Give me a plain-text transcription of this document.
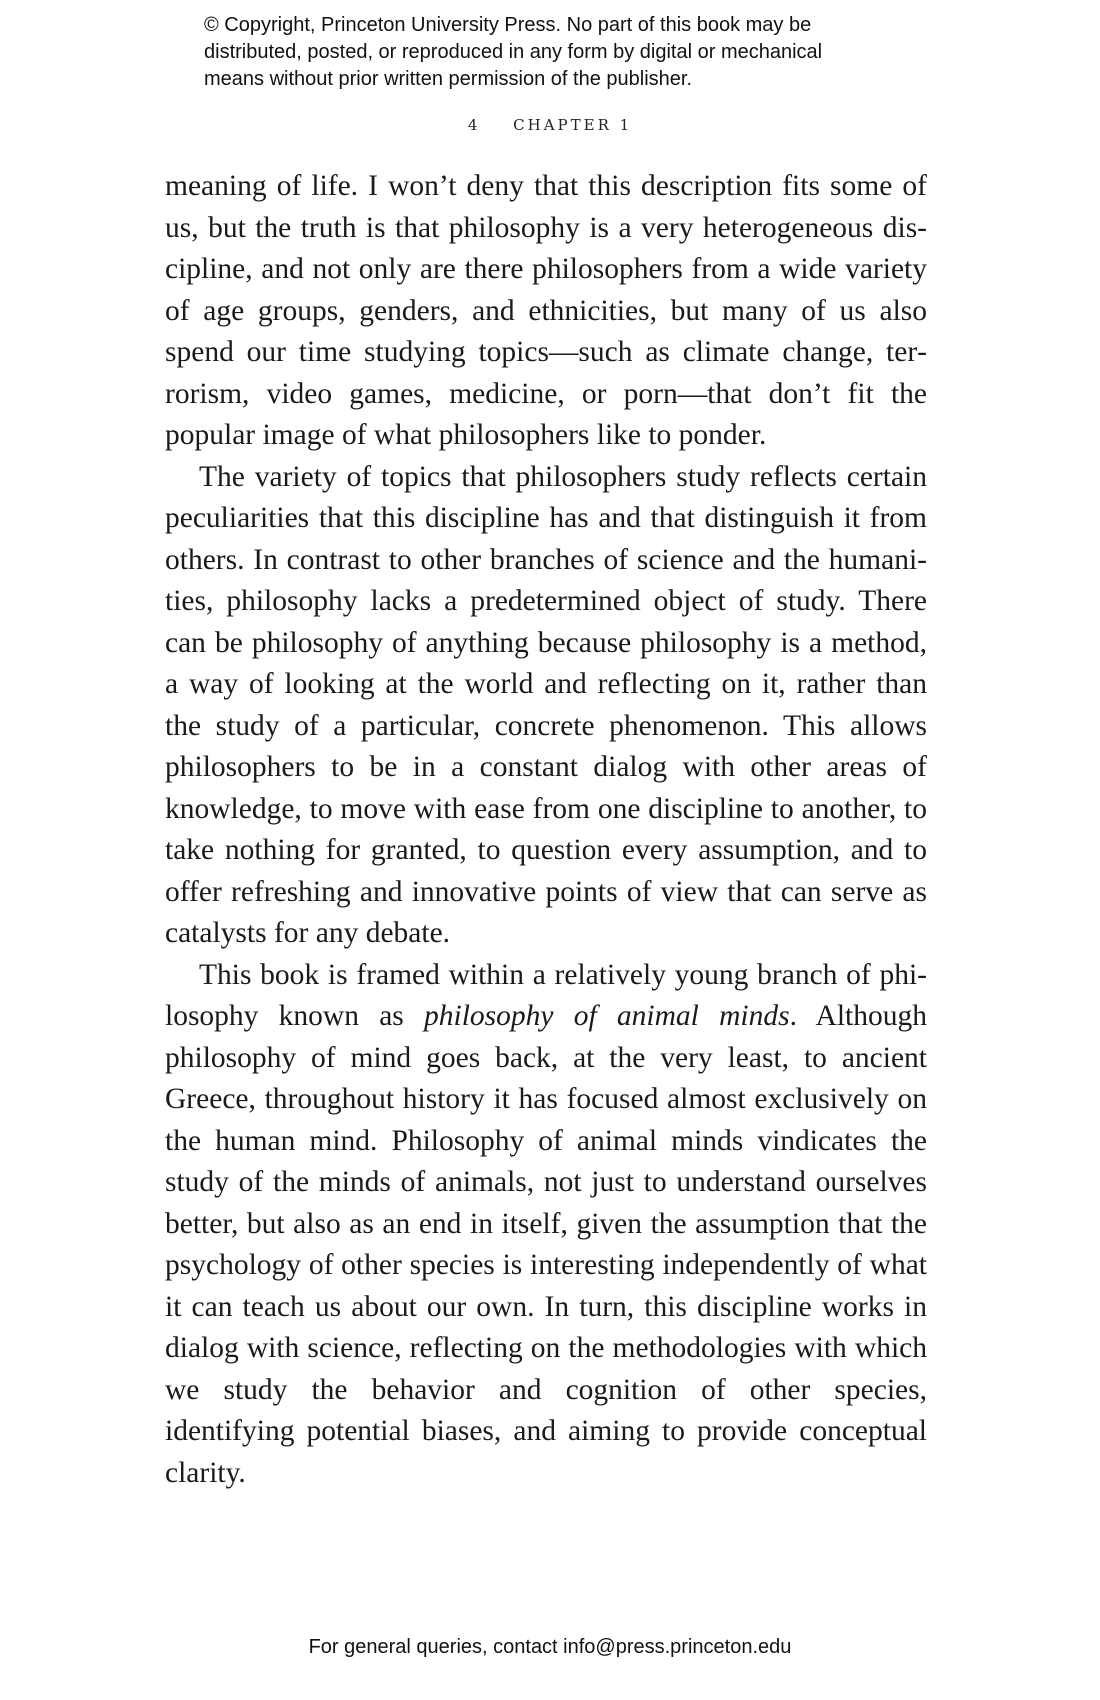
© Copyright, Princeton University Press. No part of this book may be
distributed, posted, or reproduced in any form by digital or mechanical
means without prior written permission of the publisher.
4 CHAPTER 1

meaning of life. I won’t deny that this description fits some of us, but the truth is that philosophy is a very heterogeneous discipline, and not only are there philosophers from a wide variety of age groups, genders, and ethnicities, but many of us also spend our time studying topics—such as climate change, terrorism, video games, medicine, or porn—that don’t fit the popular image of what philosophers like to ponder.

The variety of topics that philosophers study reflects certain peculiarities that this discipline has and that distinguish it from others. In contrast to other branches of science and the humanities, philosophy lacks a predetermined object of study. There can be philosophy of anything because philosophy is a method, a way of looking at the world and reflecting on it, rather than the study of a particular, concrete phenomenon. This allows philosophers to be in a constant dialog with other areas of knowledge, to move with ease from one discipline to another, to take nothing for granted, to question every assumption, and to offer refreshing and innovative points of view that can serve as catalysts for any debate.

This book is framed within a relatively young branch of philosophy known as philosophy of animal minds. Although philosophy of mind goes back, at the very least, to ancient Greece, throughout history it has focused almost exclusively on the human mind. Philosophy of animal minds vindicates the study of the minds of animals, not just to understand ourselves better, but also as an end in itself, given the assumption that the psychology of other species is interesting independently of what it can teach us about our own. In turn, this discipline works in dialog with science, reflecting on the methodologies with which we study the behavior and cognition of other species, identifying potential biases, and aiming to provide conceptual clarity.

For general queries, contact info@press.princeton.edu
